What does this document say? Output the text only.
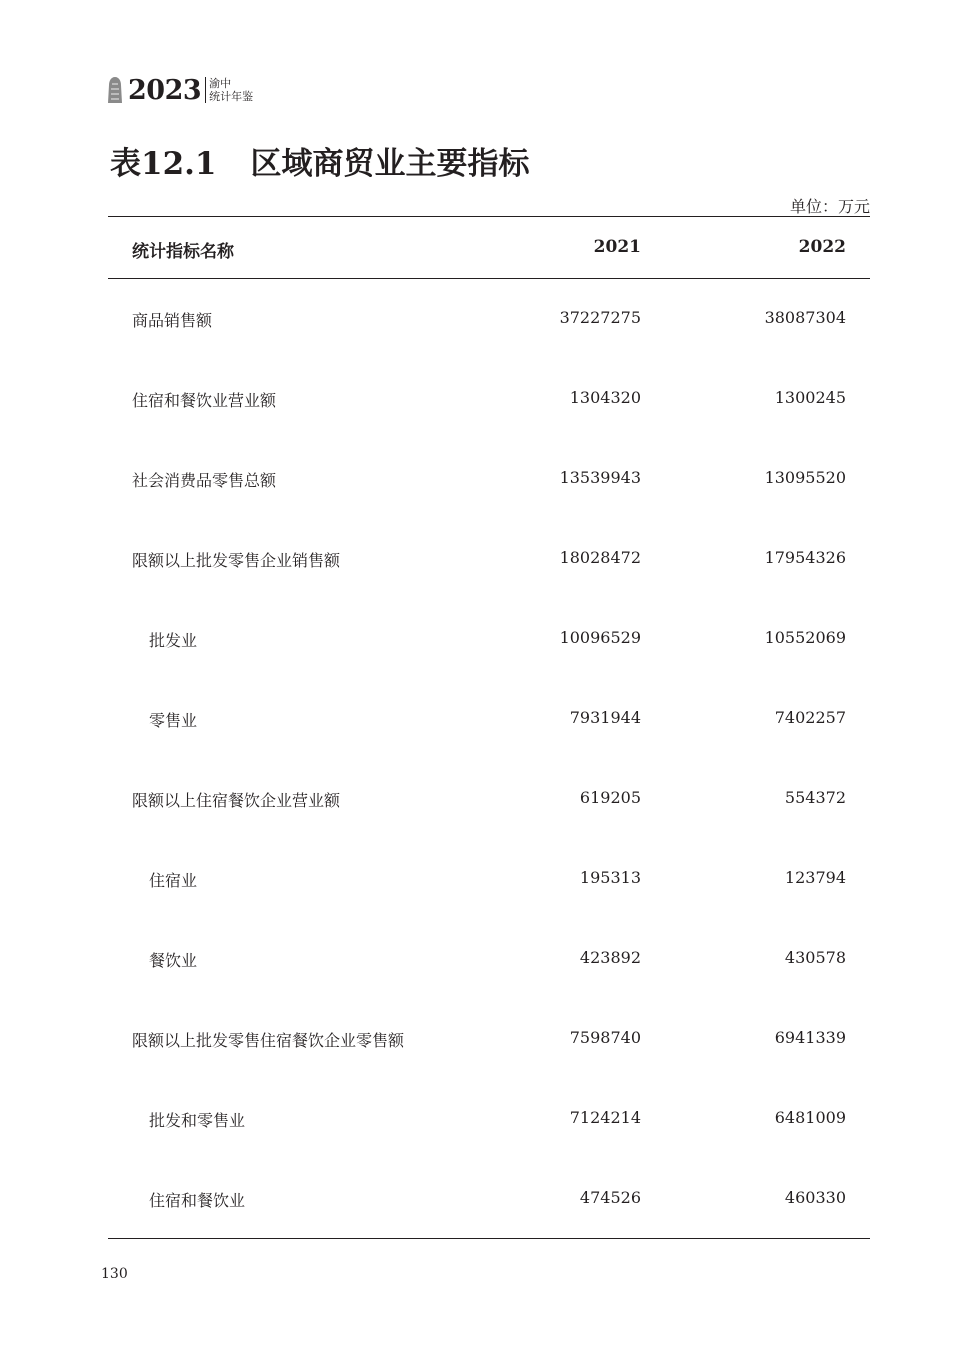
2023 渝中
统计年鉴
表12.1 区域商贸业主要指标
单位：万元
统计指标名称	2021	2022
商品销售额	37227275	38087304
住宿和餐饮业营业额	1304320	1300245
社会消费品零售总额	13539943	13095520
限额以上批发零售企业销售额	18028472	17954326
批发业	10096529	10552069
零售业	7931944	7402257
限额以上住宿餐饮企业营业额	619205	554372
住宿业	195313	123794
餐饮业	423892	430578
限额以上批发零售住宿餐饮企业零售额	7598740	6941339
批发和零售业	7124214	6481009
住宿和餐饮业	474526	460330
130
